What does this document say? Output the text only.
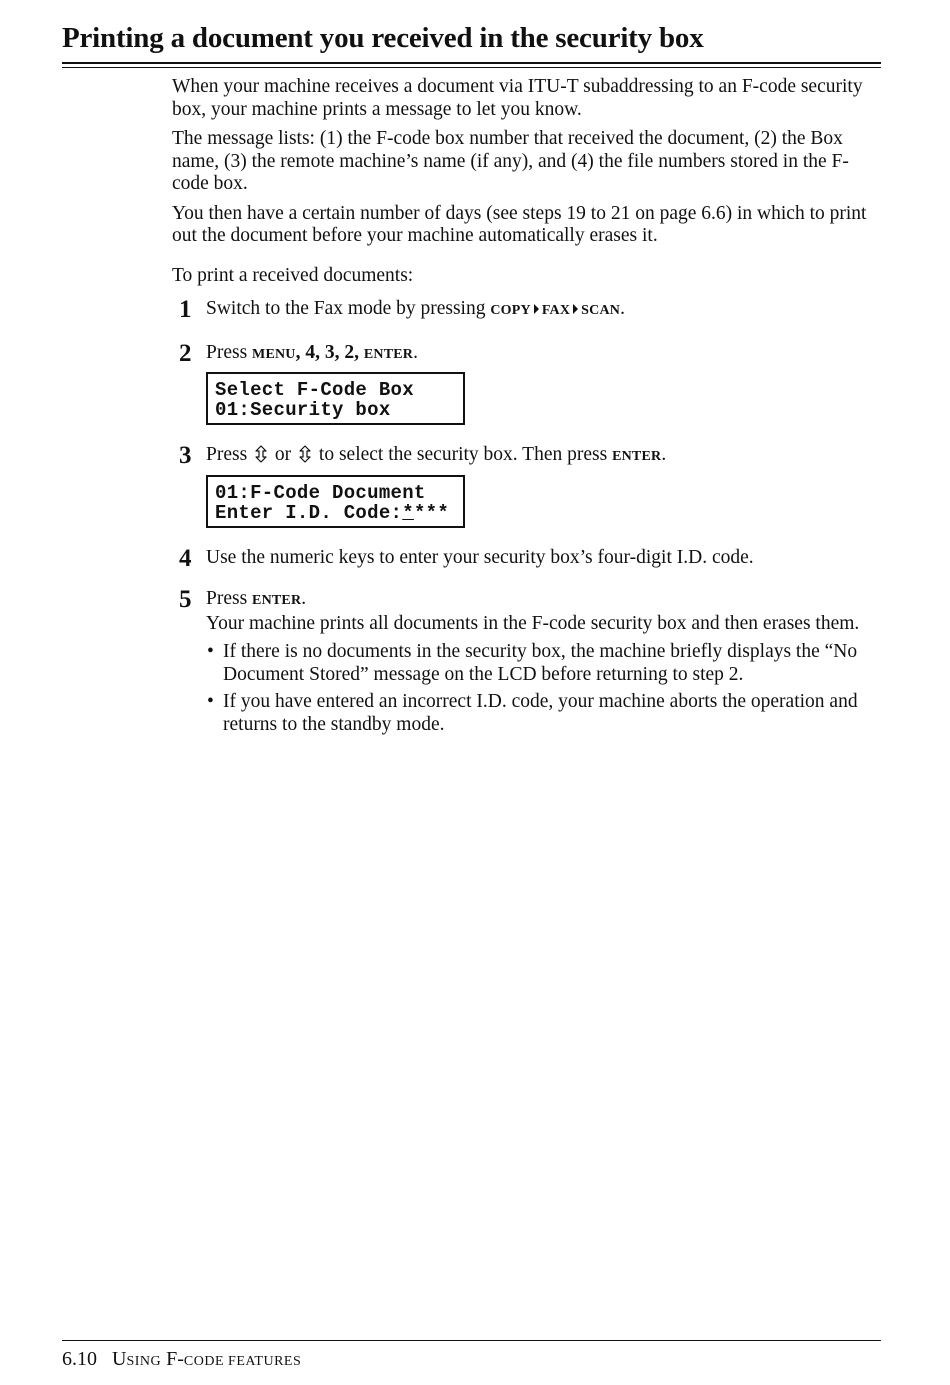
Printing a document you received in the security box

When your machine receives a document via ITU-T subaddressing to an F-code security box, your machine prints a message to let you know.

The message lists: (1) the F-code box number that received the document, (2) the Box name, (3) the remote machine’s name (if any), and (4) the file numbers stored in the F-code box.

You then have a certain number of days (see steps 19 to 21 on page 6.6) in which to print out the document before your machine automatically erases it.

To print a received documents:

1 Switch to the Fax mode by pressing COPY FAX SCAN.
2 Press MENU, 4, 3, 2, ENTER.
Select F-Code Box
01:Security box
3 Press or to select the security box. Then press ENTER.
01:F-Code Document
Enter I.D. Code:****
4 Use the numeric keys to enter your security box’s four-digit I.D. code.
5 Press ENTER.
Your machine prints all documents in the F-code security box and then erases them.
• If there is no documents in the security box, the machine briefly displays the “No Document Stored” message on the LCD before returning to step 2.
• If you have entered an incorrect I.D. code, your machine aborts the operation and returns to the standby mode.
6.10 USING F-CODE FEATURES
